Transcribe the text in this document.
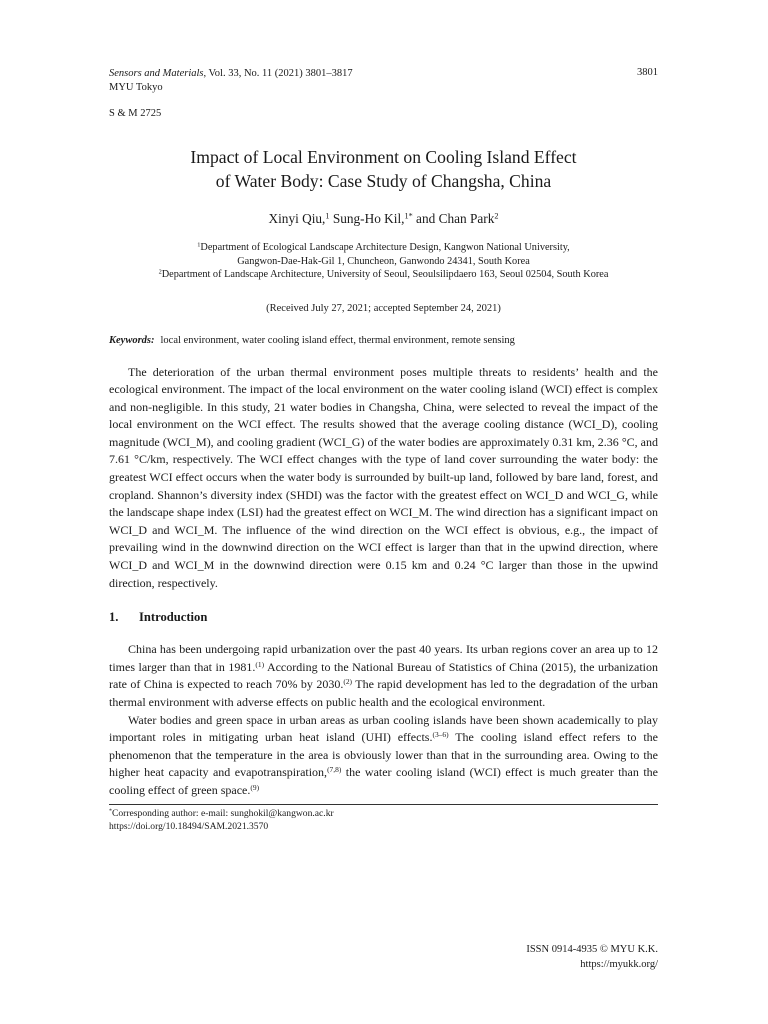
Sensors and Materials, Vol. 33, No. 11 (2021) 3801–3817	3801
MYU Tokyo
S & M 2725
Impact of Local Environment on Cooling Island Effect
of Water Body: Case Study of Changsha, China
Xinyi Qiu,$^1$ Sung-Ho Kil,$^{1*}$ and Chan Park$^2$
$^1$Department of Ecological Landscape Architecture Design, Kangwon National University,
Gangwon-Dae-Hak-Gil 1, Chuncheon, Ganwondo 24341, South Korea
$^2$Department of Landscape Architecture, University of Seoul, Seoulsilipdaero 163, Seoul 02504, South Korea
(Received July 27, 2021; accepted September 24, 2021)
Keywords: local environment, water cooling island effect, thermal environment, remote sensing
The deterioration of the urban thermal environment poses multiple threats to residents’ health and the ecological environment. The impact of the local environment on the water cooling island (WCI) effect is complex and non-negligible. In this study, 21 water bodies in Changsha, China, were selected to reveal the impact of the local environment on the WCI effect. The results showed that the average cooling distance (WCI_D), cooling magnitude (WCI_M), and cooling gradient (WCI_G) of the water bodies are approximately 0.31 km, 2.36 °C, and 7.61 °C/km, respectively. The WCI effect changes with the type of land cover surrounding the water body: the greatest WCI effect occurs when the water body is surrounded by built-up land, followed by bare land, forest, and cropland. Shannon’s diversity index (SHDI) was the factor with the greatest effect on WCI_D and WCI_G, while the landscape shape index (LSI) had the greatest effect on WCI_M. The wind direction has a significant impact on WCI_D and WCI_M. The influence of the wind direction on the WCI effect is obvious, e.g., the impact of prevailing wind in the downwind direction on the WCI effect is larger than that in the upwind direction, where WCI_D and WCI_M in the downwind direction were 0.15 km and 0.24 °C larger than those in the upwind direction, respectively.
1. Introduction
China has been undergoing rapid urbanization over the past 40 years. Its urban regions cover an area up to 12 times larger than that in 1981.$^{(1)}$ According to the National Bureau of Statistics of China (2015), the urbanization rate of China is expected to reach 70% by 2030.$^{(2)}$ The rapid development has led to the degradation of the urban thermal environment with adverse effects on public health and the ecological environment.
Water bodies and green space in urban areas as urban cooling islands have been shown academically to play important roles in mitigating urban heat island (UHI) effects.$^{(3-6)}$ The cooling island effect refers to the phenomenon that the temperature in the area is obviously lower than that in the surrounding area. Owing to the higher heat capacity and evapotranspiration,$^{(7,8)}$ the water cooling island (WCI) effect is much greater than the cooling effect of green space.$^{(9)}$
*Corresponding author: e-mail: sunghokil@kangwon.ac.kr
https://doi.org/10.18494/SAM.2021.3570
ISSN 0914-4935 © MYU K.K.
https://myukk.org/
